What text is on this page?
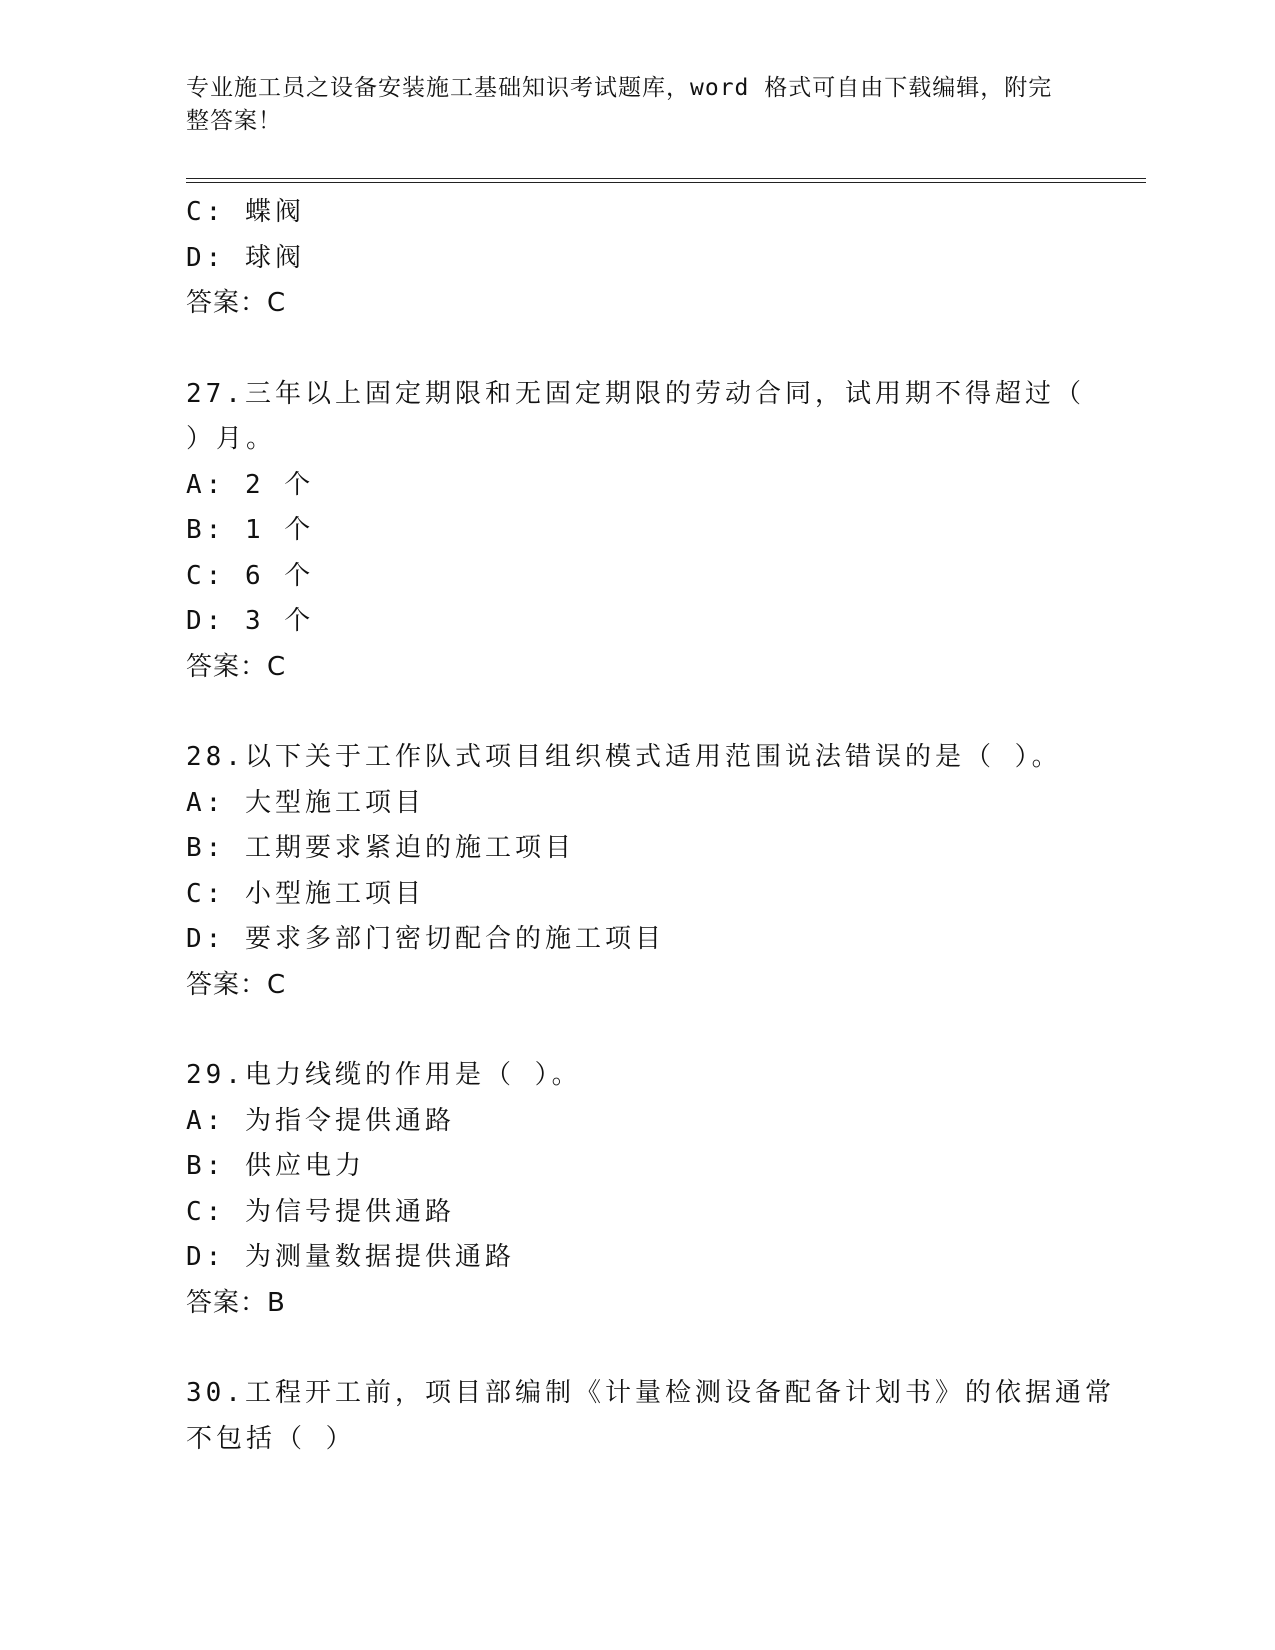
专业施工员之设备安装施工基础知识考试题库，word 格式可自由下载编辑，附完
整答案！
C: 蝶阀
D: 球阀
答案：C
27.三年以上固定期限和无固定期限的劳动合同，试用期不得超过（
）月。
A: 2 个
B: 1 个
C: 6 个
D: 3 个
答案：C
28.以下关于工作队式项目组织模式适用范围说法错误的是（ ）。
A: 大型施工项目
B: 工期要求紧迫的施工项目
C: 小型施工项目
D: 要求多部门密切配合的施工项目
答案：C
29.电力线缆的作用是（ ）。
A: 为指令提供通路
B: 供应电力
C: 为信号提供通路
D: 为测量数据提供通路
答案：B
30.工程开工前，项目部编制《计量检测设备配备计划书》的依据通常
不包括（ ）
